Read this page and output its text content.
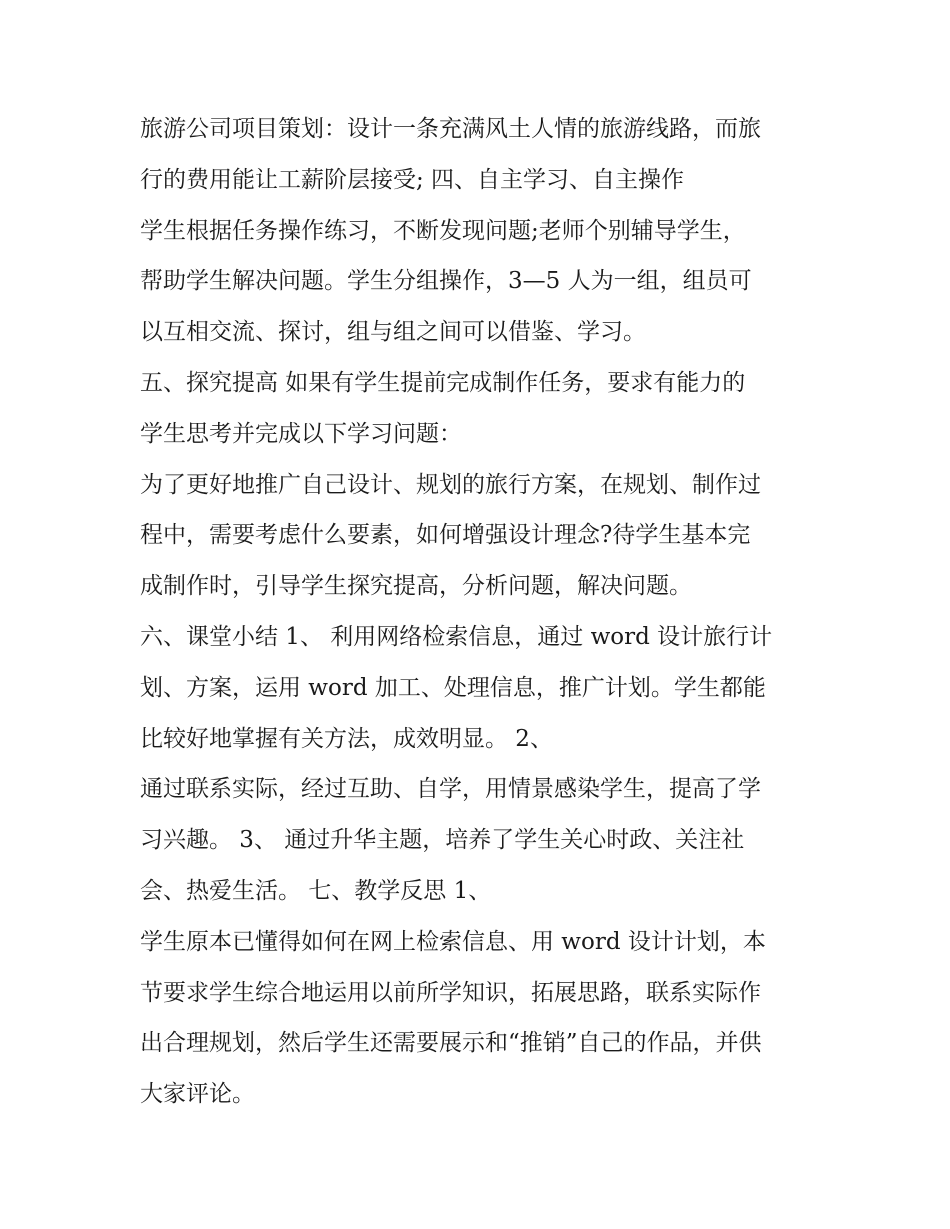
旅游公司项目策划：设计一条充满风土人情的旅游线路，而旅
行的费用能让工薪阶层接受; 四、自主学习、自主操作
学生根据任务操作练习，不断发现问题;老师个别辅导学生，
帮助学生解决问题。学生分组操作，3—5 人为一组，组员可
以互相交流、探讨，组与组之间可以借鉴、学习。
五、探究提高 如果有学生提前完成制作任务，要求有能力的
学生思考并完成以下学习问题：
为了更好地推广自己设计、规划的旅行方案，在规划、制作过
程中，需要考虑什么要素，如何增强设计理念?待学生基本完
成制作时，引导学生探究提高，分析问题，解决问题。
六、课堂小结 1、 利用网络检索信息，通过 word 设计旅行计
划、方案，运用 word 加工、处理信息，推广计划。学生都能
比较好地掌握有关方法，成效明显。 2、
通过联系实际，经过互助、自学，用情景感染学生，提高了学
习兴趣。 3、 通过升华主题，培养了学生关心时政、关注社
会、热爱生活。 七、教学反思 1、
学生原本已懂得如何在网上检索信息、用 word 设计计划，本
节要求学生综合地运用以前所学知识，拓展思路，联系实际作
出合理规划，然后学生还需要展示和“推销”自己的作品，并供
大家评论。
